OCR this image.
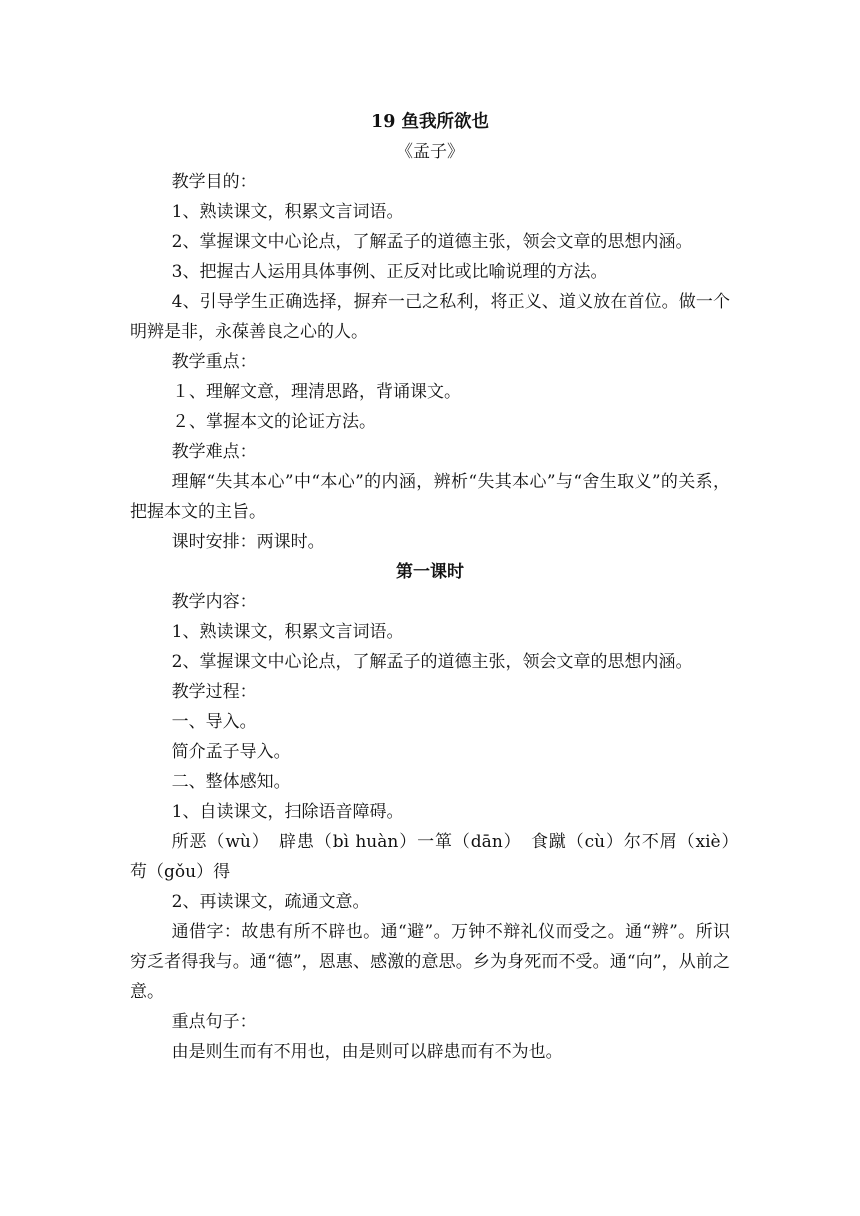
19 鱼我所欲也
《孟子》

教学目的：

1、熟读课文，积累文言词语。

2、掌握课文中心论点，了解孟子的道德主张，领会文章的思想内涵。

3、把握古人运用具体事例、正反对比或比喻说理的方法。

4、引导学生正确选择，摒弃一己之私利，将正义、道义放在首位。做一个明辨是非，永葆善良之心的人。

教学重点：

１、理解文意，理清思路，背诵课文。

２、掌握本文的论证方法。

教学难点：

理解“失其本心”中“本心”的内涵，辨析“失其本心”与“舍生取义”的关系，把握本文的主旨。

课时安排：两课时。

第一课时

教学内容：

1、熟读课文，积累文言词语。

2、掌握课文中心论点，了解孟子的道德主张，领会文章的思想内涵。

教学过程：

一、导入。

简介孟子导入。

二、整体感知。

1、自读课文，扫除语音障碍。

所恶（wù）　辟患（bì huàn）一箪（dān）　食蹴（cù）尔不屑（xiè）　苟（gǒu）得

2、再读课文，疏通文意。

通借字：故患有所不辟也。通“避”。万钟不辩礼仪而受之。通“辨”。所识穷乏者得我与。通“德”，恩惠、感激的意思。乡为身死而不受。通“向”，从前之意。

重点句子：

由是则生而有不用也，由是则可以辟患而有不为也。
